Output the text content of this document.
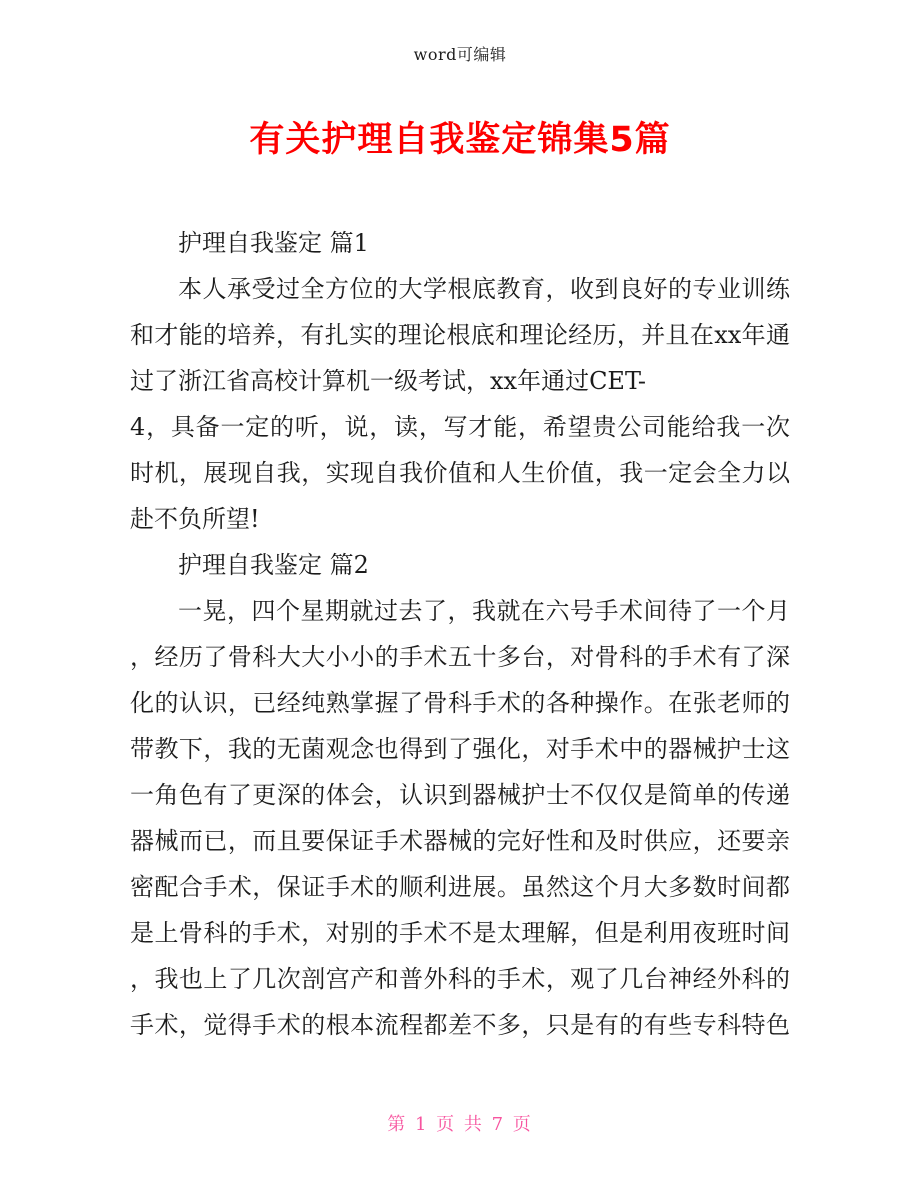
word可编辑
有关护理自我鉴定锦集5篇
护理自我鉴定 篇1
本人承受过全方位的大学根底教育，收到良好的专业训练
和才能的培养，有扎实的理论根底和理论经历，并且在xx年通
过了浙江省高校计算机一级考试，xx年通过CET-
4，具备一定的听，说，读，写才能，希望贵公司能给我一次
时机，展现自我，实现自我价值和人生价值，我一定会全力以
赴不负所望!
护理自我鉴定 篇2
一晃，四个星期就过去了，我就在六号手术间待了一个月
，经历了骨科大大小小的手术五十多台，对骨科的手术有了深
化的认识，已经纯熟掌握了骨科手术的各种操作。在张老师的
带教下，我的无菌观念也得到了强化，对手术中的器械护士这
一角色有了更深的体会，认识到器械护士不仅仅是简单的传递
器械而已，而且要保证手术器械的完好性和及时供应，还要亲
密配合手术，保证手术的顺利进展。虽然这个月大多数时间都
是上骨科的手术，对别的手术不是太理解，但是利用夜班时间
，我也上了几次剖宫产和普外科的手术，观了几台神经外科的
手术，觉得手术的根本流程都差不多，只是有的有些专科特色
第 1 页 共 7 页
